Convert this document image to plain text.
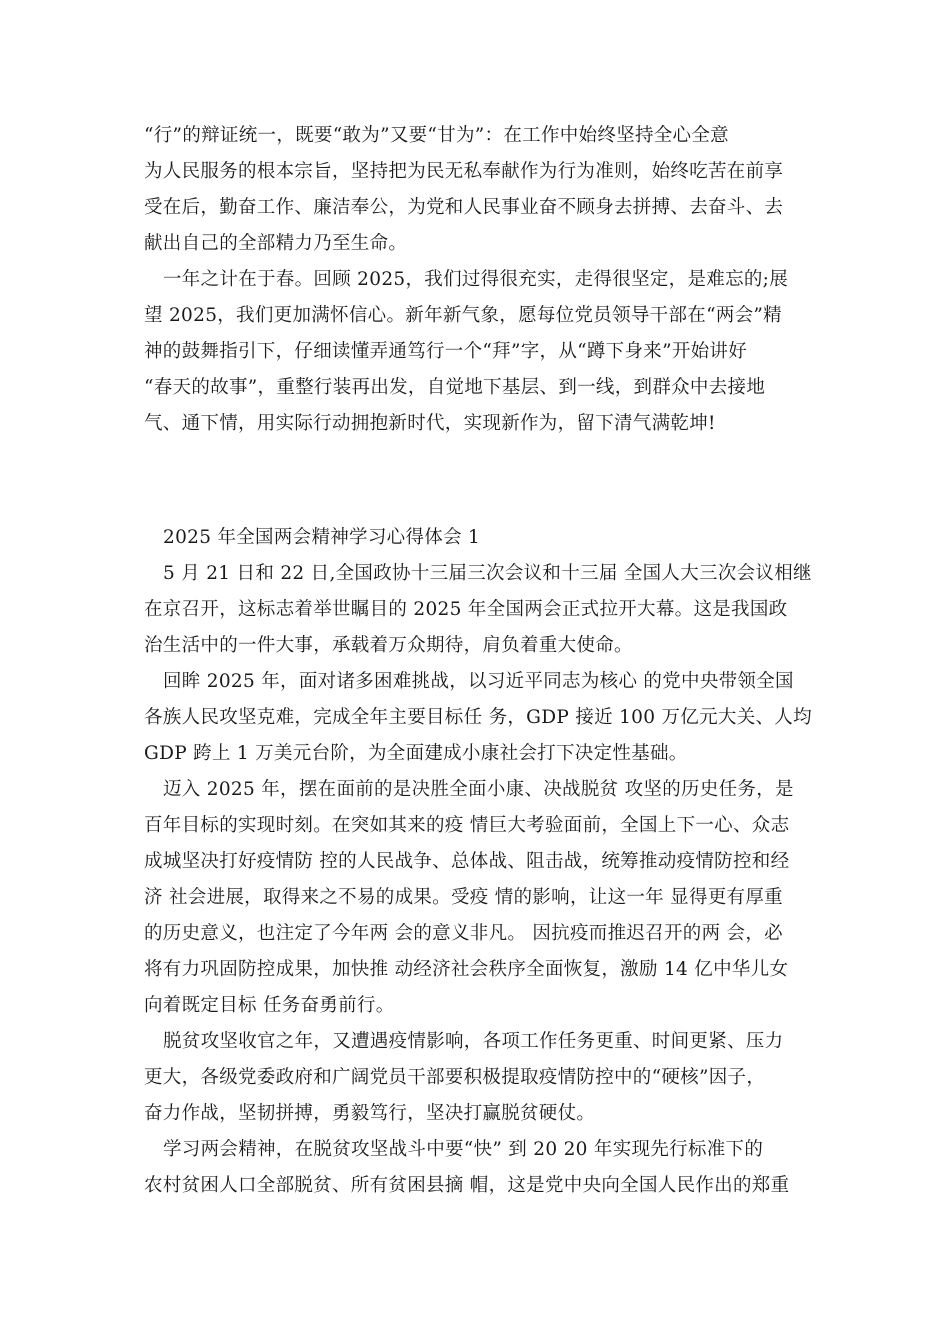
“行”的辩证统一，既要“敢为”又要“甘为”：在工作中始终坚持全心全意
为人民服务的根本宗旨，坚持把为民无私奉献作为行为准则，始终吃苦在前享
受在后，勤奋工作、廉洁奉公，为党和人民事业奋不顾身去拼搏、去奋斗、去
献出自己的全部精力乃至生命。
一年之计在于春。回顾 2025，我们过得很充实，走得很坚定，是难忘的;展
望 2025，我们更加满怀信心。新年新气象，愿每位党员领导干部在“两会”精
神的鼓舞指引下，仔细读懂弄通笃行一个“拜”字，从“蹲下身来”开始讲好
“春天的故事”，重整行装再出发，自觉地下基层、到一线，到群众中去接地
气、通下情，用实际行动拥抱新时代，实现新作为，留下清气满乾坤!
2025 年全国两会精神学习心得体会 1
5 月 21 日和 22 日,全国政协十三届三次会议和十三届 全国人大三次会议相继
在京召开，这标志着举世瞩目的 2025 年全国两会正式拉开大幕。这是我国政
治生活中的一件大事，承载着万众期待，肩负着重大使命。
回眸 2025 年，面对诸多困难挑战，以习近平同志为核心 的党中央带领全国
各族人民攻坚克难，完成全年主要目标任 务，GDP 接近 100 万亿元大关、人均
GDP 跨上 1 万美元台阶，为全面建成小康社会打下决定性基础。
迈入 2025 年，摆在面前的是决胜全面小康、决战脱贫 攻坚的历史任务，是
百年目标的实现时刻。在突如其来的疫 情巨大考验面前，全国上下一心、众志
成城坚决打好疫情防 控的人民战争、总体战、阻击战，统筹推动疫情防控和经
济 社会进展，取得来之不易的成果。受疫 情的影响，让这一年 显得更有厚重
的历史意义，也注定了今年两 会的意义非凡。 因抗疫而推迟召开的两 会，必
将有力巩固防控成果，加快推 动经济社会秩序全面恢复，激励 14 亿中华儿女
向着既定目标 任务奋勇前行。
脱贫攻坚收官之年，又遭遇疫情影响，各项工作任务更重、时间更紧、压力
更大，各级党委政府和广阔党员干部要积极提取疫情防控中的“硬核”因子，
奋力作战，坚韧拼搏，勇毅笃行，坚决打赢脱贫硬仗。
学习两会精神，在脱贫攻坚战斗中要“快” 到 20 20 年实现先行标准下的
农村贫困人口全部脱贫、所有贫困县摘 帽，这是党中央向全国人民作出的郑重
